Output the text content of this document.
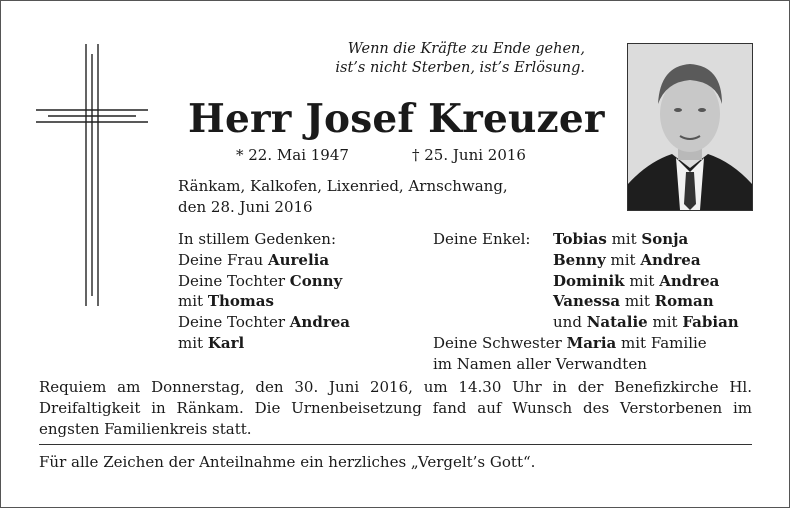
Wenn die Kräfte zu Ende gehen,
ist’s nicht Sterben, ist’s Erlösung.
Herr Josef Kreuzer
* 22. Mai 1947	† 25. Juni 2016
Ränkam, Kalkofen, Lixenried, Arnschwang,
den 28. Juni 2016
In stillem Gedenken:
Deine Frau Aurelia
Deine Tochter Conny
mit Thomas
Deine Tochter Andrea
mit Karl
Deine Enkel: Tobias mit Sonja
Benny mit Andrea
Dominik mit Andrea
Vanessa mit Roman
und Natalie mit Fabian
Deine Schwester Maria mit Familie
im Namen aller Verwandten
Requiem am Donnerstag, den 30. Juni 2016, um 14.30 Uhr in der Benefizkirche Hl. Dreifaltigkeit in Ränkam. Die Urnenbeisetzung fand auf Wunsch des Verstorbenen im engsten Familienkreis statt.
Für alle Zeichen der Anteilnahme ein herzliches „Vergelt’s Gott“.
